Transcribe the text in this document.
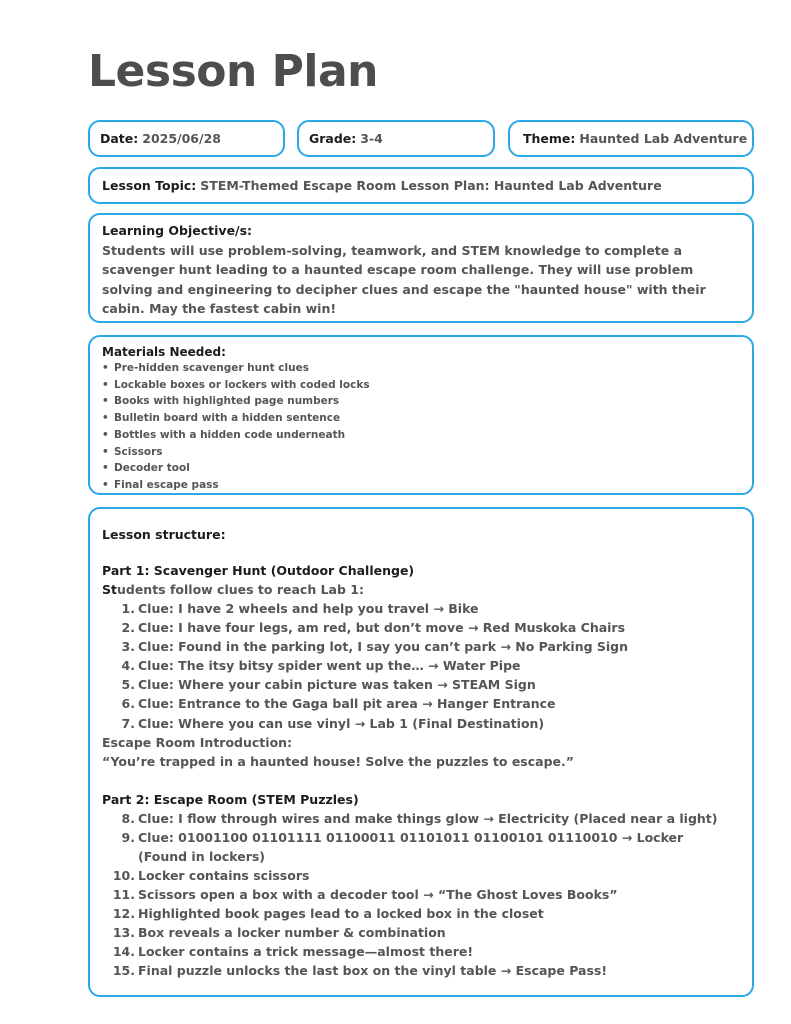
Lesson Plan
Date: 2025/06/28	Grade: 3-4	Theme: Haunted Lab Adventure
Lesson Topic: STEM-Themed Escape Room Lesson Plan: Haunted Lab Adventure
Learning Objective/s:
Students will use problem-solving, teamwork, and STEM knowledge to complete a scavenger hunt leading to a haunted escape room challenge. They will use problem solving and engineering to decipher clues and escape the "haunted house" with their cabin. May the fastest cabin win!
Materials Needed:
• Pre-hidden scavenger hunt clues
• Lockable boxes or lockers with coded locks
• Books with highlighted page numbers
• Bulletin board with a hidden sentence
• Bottles with a hidden code underneath
• Scissors
• Decoder tool
• Final escape pass
Lesson structure:
Part 1: Scavenger Hunt (Outdoor Challenge)
Students follow clues to reach Lab 1:
1. Clue: I have 2 wheels and help you travel → Bike
2. Clue: I have four legs, am red, but don’t move → Red Muskoka Chairs
3. Clue: Found in the parking lot, I say you can’t park → No Parking Sign
4. Clue: The itsy bitsy spider went up the… → Water Pipe
5. Clue: Where your cabin picture was taken → STEAM Sign
6. Clue: Entrance to the Gaga ball pit area → Hanger Entrance
7. Clue: Where you can use vinyl → Lab 1 (Final Destination)
Escape Room Introduction:
“You’re trapped in a haunted house! Solve the puzzles to escape.”
Part 2: Escape Room (STEM Puzzles)
8. Clue: I flow through wires and make things glow → Electricity (Placed near a light)
9. Clue: 01001100 01101111 01100011 01101011 01100101 01110010 → Locker (Found in lockers)
10. Locker contains scissors
11. Scissors open a box with a decoder tool → “The Ghost Loves Books”
12. Highlighted book pages lead to a locked box in the closet
13. Box reveals a locker number & combination
14. Locker contains a trick message—almost there!
15. Final puzzle unlocks the last box on the vinyl table → Escape Pass!
